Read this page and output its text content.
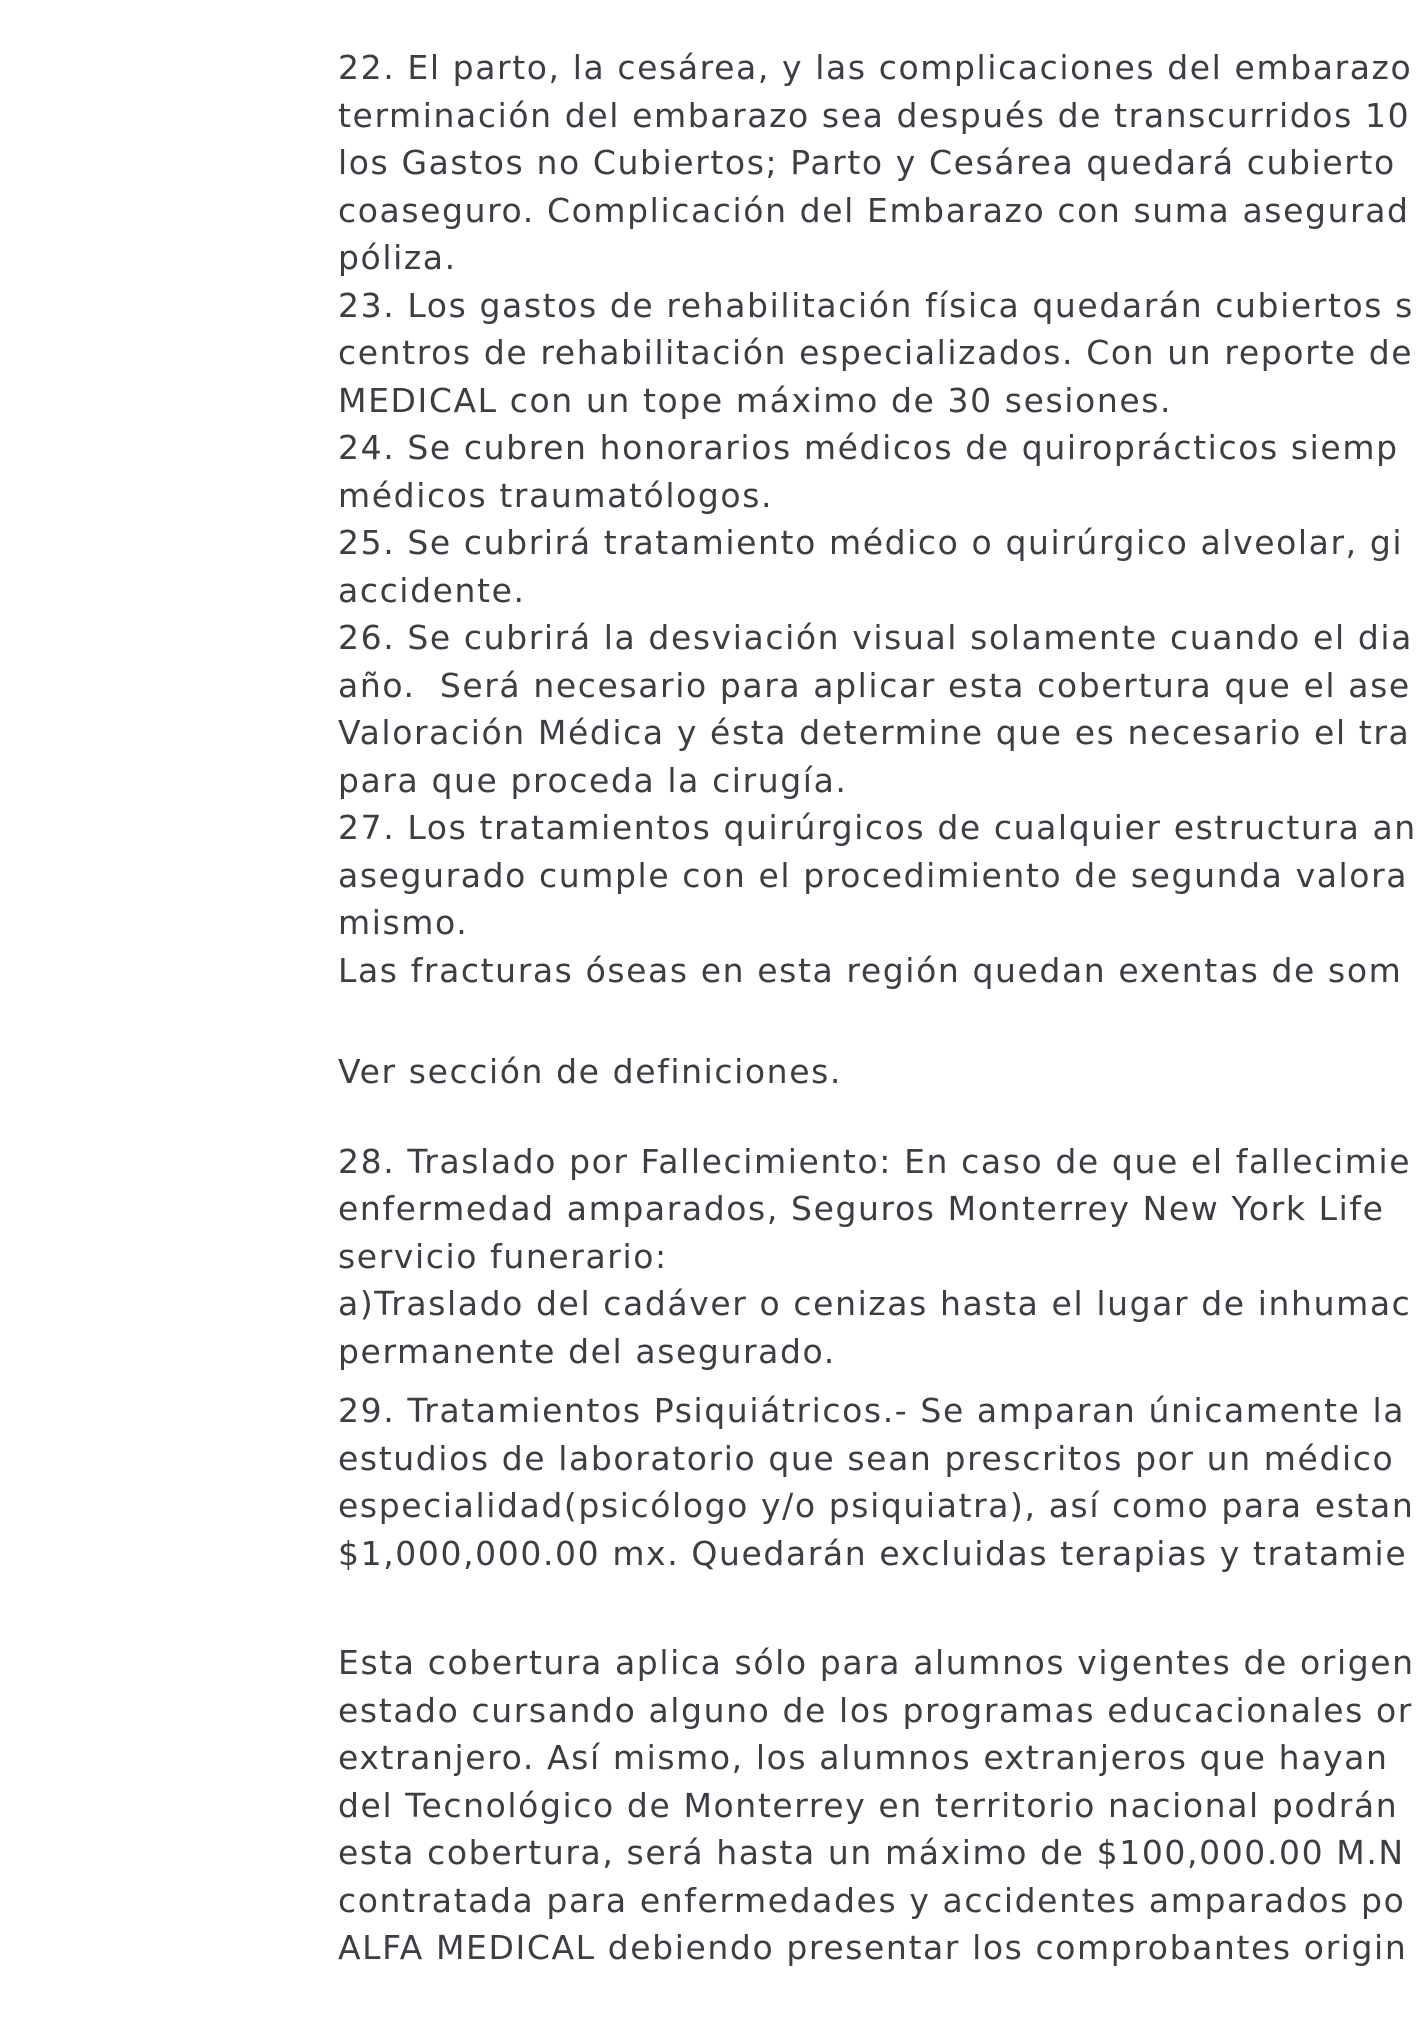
22. El parto, la cesárea, y las complicaciones del embarazo
terminación del embarazo sea después de transcurridos 10
los Gastos no Cubiertos; Parto y Cesárea quedará cubierto
coaseguro. Complicación del Embarazo con suma asegurad
póliza.
23. Los gastos de rehabilitación física quedarán cubiertos s
centros de rehabilitación especializados. Con un reporte de
MEDICAL con un tope máximo de 30 sesiones.
24. Se cubren honorarios médicos de quiroprácticos siemp
médicos traumatólogos.
25. Se cubrirá tratamiento médico o quirúrgico alveolar, gi
accidente.
26. Se cubrirá la desviación visual solamente cuando el dia
año.  Será necesario para aplicar esta cobertura que el ase
Valoración Médica y ésta determine que es necesario el tra
para que proceda la cirugía.
27. Los tratamientos quirúrgicos de cualquier estructura an
asegurado cumple con el procedimiento de segunda valora
mismo.
Las fracturas óseas en esta región quedan exentas de som
Ver sección de definiciones.
28. Traslado por Fallecimiento: En caso de que el fallecimie
enfermedad amparados, Seguros Monterrey New York Life
servicio funerario:
a)Traslado del cadáver o cenizas hasta el lugar de inhumac
permanente del asegurado.
29. Tratamientos Psiquiátricos.- Se amparan únicamente la
estudios de laboratorio que sean prescritos por un médico
especialidad(psicólogo y/o psiquiatra), así como para estan
$1,000,000.00 mx. Quedarán excluidas terapias y tratamie
Esta cobertura aplica sólo para alumnos vigentes de origen
estado cursando alguno de los programas educacionales or
extranjero. Así mismo, los alumnos extranjeros que hayan
del Tecnológico de Monterrey en territorio nacional podrán
esta cobertura, será hasta un máximo de $100,000.00 M.N
contratada para enfermedades y accidentes amparados po
ALFA MEDICAL debiendo presentar los comprobantes origin
